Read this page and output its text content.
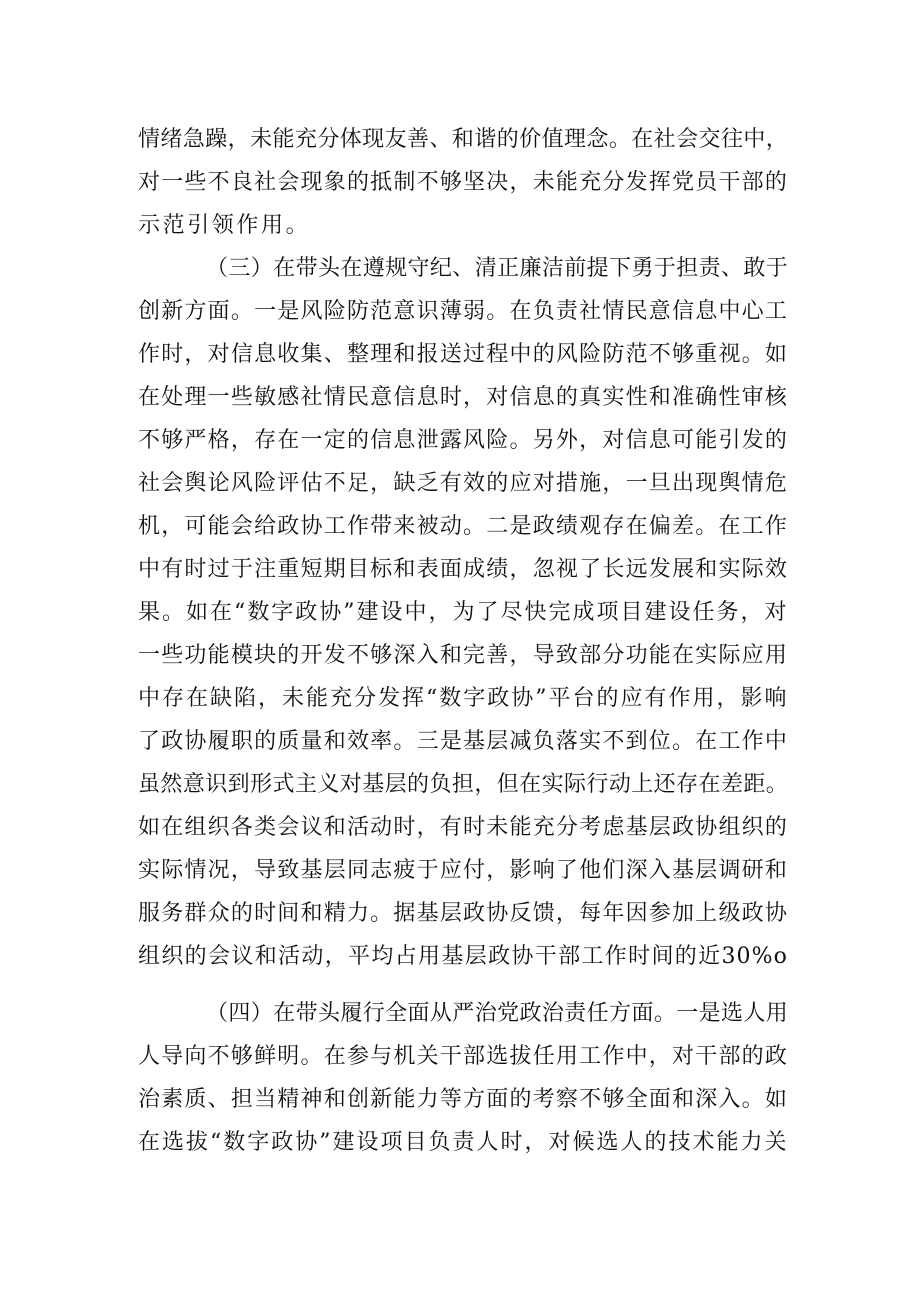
情绪急躁，未能充分体现友善、和谐的价值理念。在社会交往中，
对一些不良社会现象的抵制不够坚决，未能充分发挥党员干部的
示范引领作用。
（三）在带头在遵规守纪、清正廉洁前提下勇于担责、敢于
创新方面。一是风险防范意识薄弱。在负责社情民意信息中心工
作时，对信息收集、整理和报送过程中的风险防范不够重视。如
在处理一些敏感社情民意信息时，对信息的真实性和准确性审核
不够严格，存在一定的信息泄露风险。另外，对信息可能引发的
社会舆论风险评估不足，缺乏有效的应对措施，一旦出现舆情危
机，可能会给政协工作带来被动。二是政绩观存在偏差。在工作
中有时过于注重短期目标和表面成绩，忽视了长远发展和实际效
果。如在“数字政协”建设中，为了尽快完成项目建设任务，对
一些功能模块的开发不够深入和完善，导致部分功能在实际应用
中存在缺陷，未能充分发挥“数字政协”平台的应有作用，影响
了政协履职的质量和效率。三是基层减负落实不到位。在工作中
虽然意识到形式主义对基层的负担，但在实际行动上还存在差距。
如在组织各类会议和活动时，有时未能充分考虑基层政协组织的
实际情况，导致基层同志疲于应付，影响了他们深入基层调研和
服务群众的时间和精力。据基层政协反馈，每年因参加上级政协
组织的会议和活动，平均占用基层政协干部工作时间的近30%o
（四）在带头履行全面从严治党政治责任方面。一是选人用
人导向不够鲜明。在参与机关干部选拔任用工作中，对干部的政
治素质、担当精神和创新能力等方面的考察不够全面和深入。如
在选拔“数字政协”建设项目负责人时，对候选人的技术能力关
